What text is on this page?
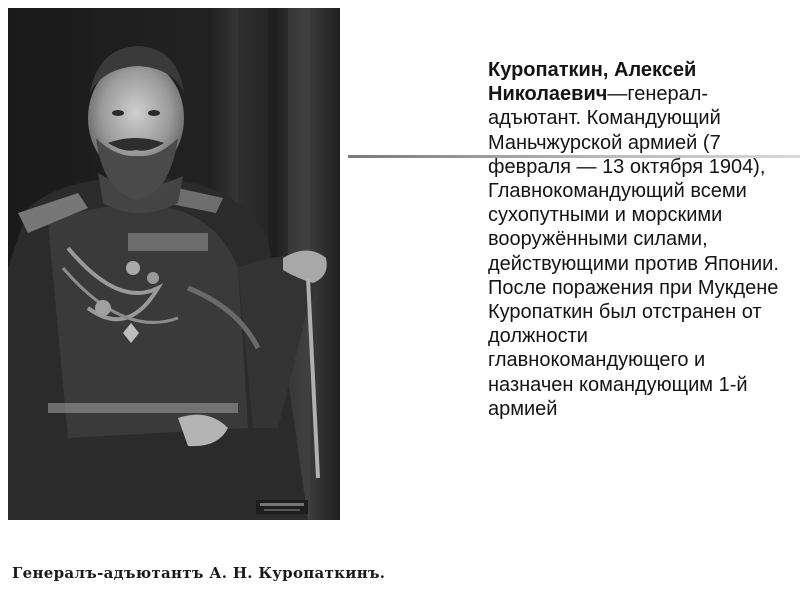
Генералъ-адъютантъ А. Н. Куропаткинъ.
Куропаткин, Алексей Николаевич—генерал-адъютант. Командующий Маньчжурской армией (7 февраля — 13 октября 1904), Главнокомандующий всеми сухопутными и морскими вооружёнными силами, действующими против Японии. После поражения при Мукдене Куропаткин был отстранен от должности главнокомандующего и назначен командующим 1-й армией
